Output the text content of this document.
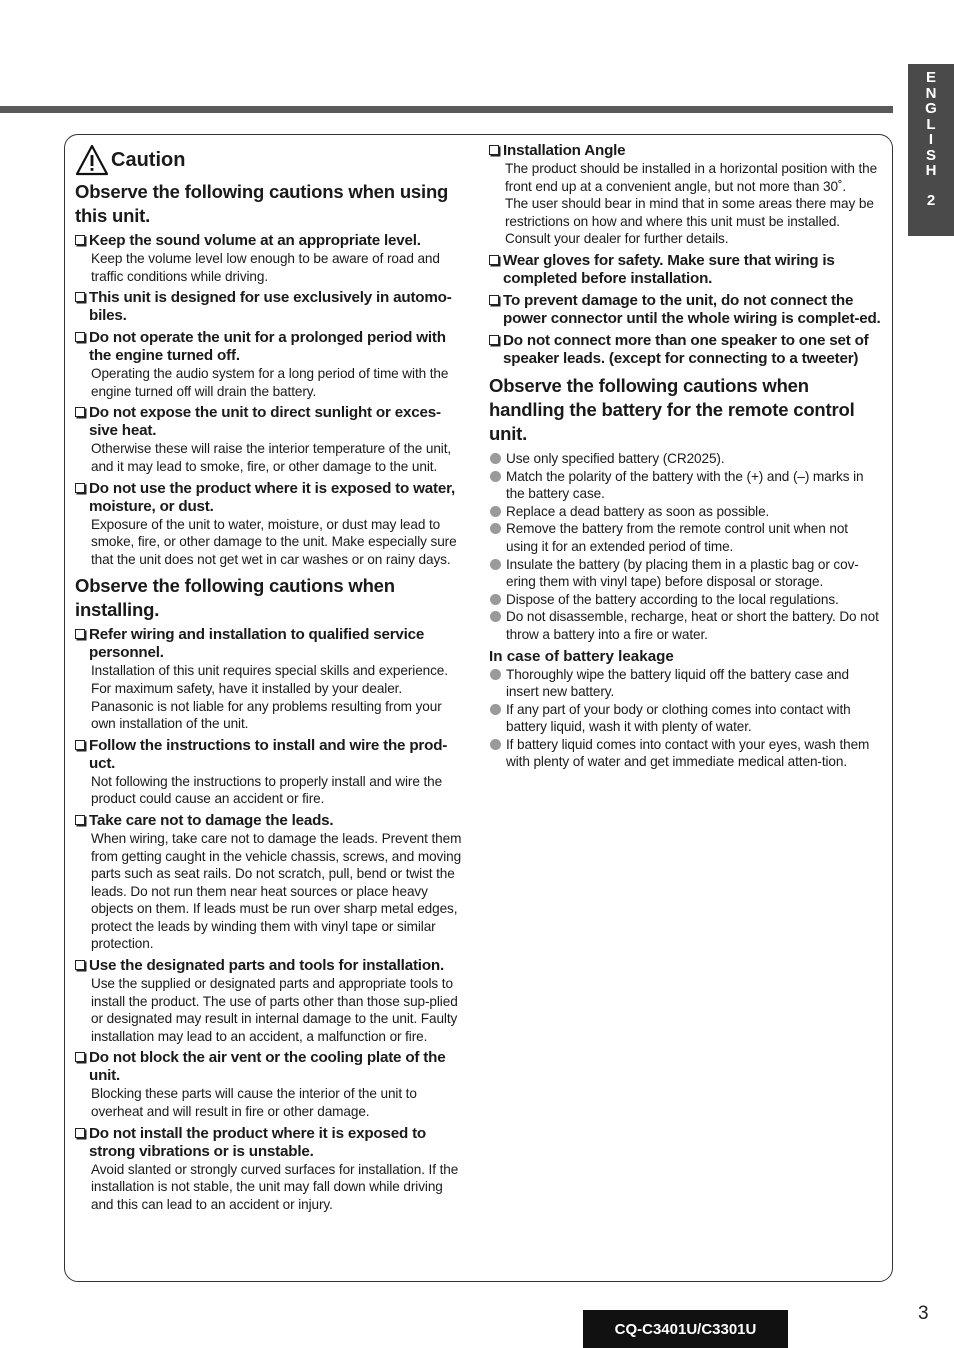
E
N
G
L
I
S
H
2
Caution
Observe the following cautions when using this unit.
Keep the sound volume at an appropriate level.
Keep the volume level low enough to be aware of road and traffic conditions while driving.
This unit is designed for use exclusively in automo-biles.
Do not operate the unit for a prolonged period with the engine turned off.
Operating the audio system for a long period of time with the engine turned off will drain the battery.
Do not expose the unit to direct sunlight or exces-sive heat.
Otherwise these will raise the interior temperature of the unit, and it may lead to smoke, fire, or other damage to the unit.
Do not use the product where it is exposed to water, moisture, or dust.
Exposure of the unit to water, moisture, or dust may lead to smoke, fire, or other damage to the unit. Make especially sure that the unit does not get wet in car washes or on rainy days.
Observe the following cautions when installing.
Refer wiring and installation to qualified service personnel.
Installation of this unit requires special skills and experience. For maximum safety, have it installed by your dealer. Panasonic is not liable for any problems resulting from your own installation of the unit.
Follow the instructions to install and wire the prod-uct.
Not following the instructions to properly install and wire the product could cause an accident or fire.
Take care not to damage the leads.
When wiring, take care not to damage the leads. Prevent them from getting caught in the vehicle chassis, screws, and moving parts such as seat rails. Do not scratch, pull, bend or twist the leads. Do not run them near heat sources or place heavy objects on them. If leads must be run over sharp metal edges, protect the leads by winding them with vinyl tape or similar protection.
Use the designated parts and tools for installation.
Use the supplied or designated parts and appropriate tools to install the product. The use of parts other than those sup-plied or designated may result in internal damage to the unit. Faulty installation may lead to an accident, a malfunction or fire.
Do not block the air vent or the cooling plate of the unit.
Blocking these parts will cause the interior of the unit to overheat and will result in fire or other damage.
Do not install the product where it is exposed to strong vibrations or is unstable.
Avoid slanted or strongly curved surfaces for installation. If the installation is not stable, the unit may fall down while driving and this can lead to an accident or injury.
Installation Angle
The product should be installed in a horizontal position with the front end up at a convenient angle, but not more than 30˚.
The user should bear in mind that in some areas there may be restrictions on how and where this unit must be installed. Consult your dealer for further details.
Wear gloves for safety. Make sure that wiring is completed before installation.
To prevent damage to the unit, do not connect the power connector until the whole wiring is complet-ed.
Do not connect more than one speaker to one set of speaker leads. (except for connecting to a tweeter)
Observe the following cautions when handling the battery for the remote control unit.
Use only specified battery (CR2025).
Match the polarity of the battery with the (+) and (–) marks in the battery case.
Replace a dead battery as soon as possible.
Remove the battery from the remote control unit when not using it for an extended period of time.
Insulate the battery (by placing them in a plastic bag or cov-ering them with vinyl tape) before disposal or storage.
Dispose of the battery according to the local regulations.
Do not disassemble, recharge, heat or short the battery. Do not throw a battery into a fire or water.
In case of battery leakage
Thoroughly wipe the battery liquid off the battery case and insert new battery.
If any part of your body or clothing comes into contact with battery liquid, wash it with plenty of water.
If battery liquid comes into contact with your eyes, wash them with plenty of water and get immediate medical atten-tion.
3
CQ-C3401U/C3301U
